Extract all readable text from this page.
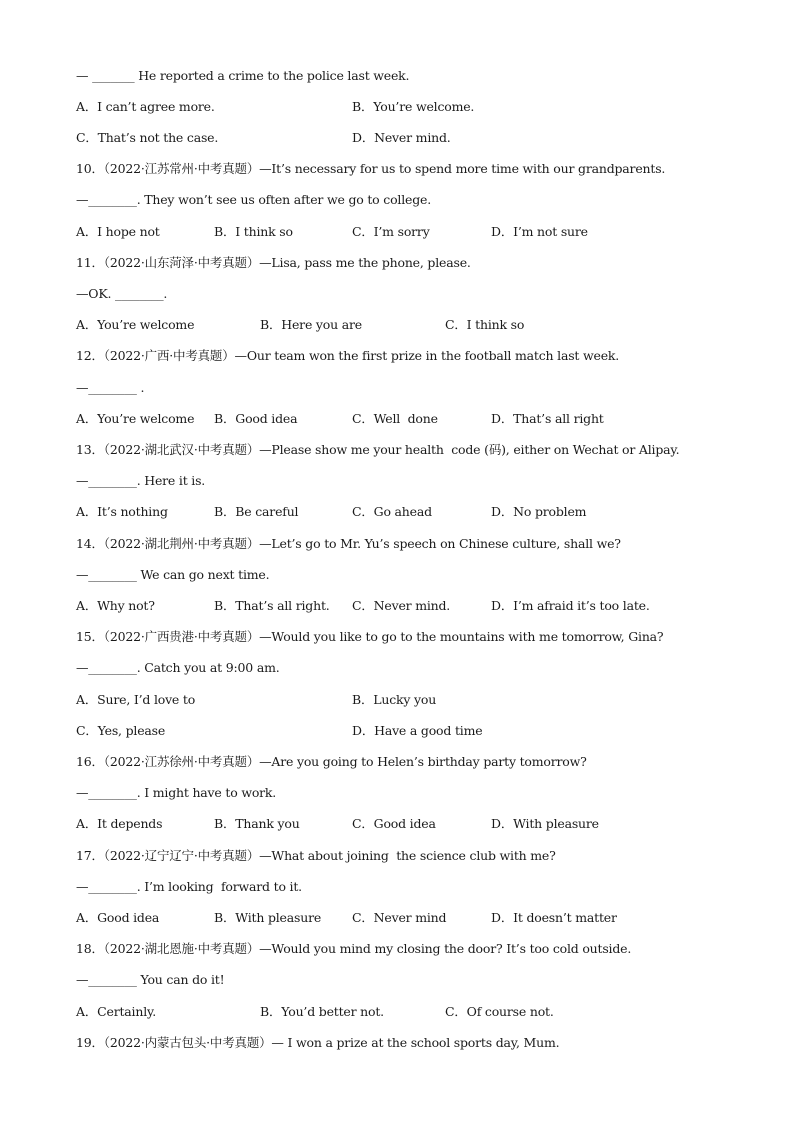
— _______ He reported a crime to the police last week.
A．I can’t agree more.	B．You’re welcome.
C．That’s not the case.	D．Never mind.
10．（2022·江苏常州·中考真题）—It’s necessary for us to spend more time with our grandparents.
—________. They won’t see us often after we go to college.
A．I hope not	B．I think so	C．I’m sorry	D．I’m not sure
11．（2022·山东菏泽·中考真题）—Lisa, pass me the phone, please.
—OK. ________.
A．You’re welcome	B．Here you are	C．I think so
12．（2022·广西·中考真题）—Our team won the first prize in the football match last week.
—________ .
A．You’re welcome B．Good idea	C．Well  done	D．That’s all right
13．（2022·湖北武汉·中考真题）—Please show me your health  code (码), either on Wechat or Alipay.
—________. Here it is.
A．It’s nothing	B．Be careful	C．Go ahead	D．No problem
14．（2022·湖北荆州·中考真题）—Let’s go to Mr. Yu’s speech on Chinese culture, shall we?
—________ We can go next time.
A．Why not?	B．That’s all right. C．Never mind.	D．I’m afraid it’s too late.
15．（2022·广西贵港·中考真题）—Would you like to go to the mountains with me tomorrow, Gina?
—________. Catch you at 9:00 am.
A．Sure, I’d love to	B．Lucky you
C．Yes, please	D．Have a good time
16．（2022·江苏徐州·中考真题）—Are you going to Helen’s birthday party tomorrow?
—________. I might have to work.
A．It depends	B．Thank you	C．Good idea	D．With pleasure
17．（2022·辽宁辽宁·中考真题）—What about joining  the science club with me?
—________. I’m looking  forward to it.
A．Good idea	B．With pleasure C．Never mind	D．It doesn’t matter
18．（2022·湖北恩施·中考真题）—Would you mind my closing the door? It’s too cold outside.
—________ You can do it!
A．Certainly.	B．You’d better not.	C．Of course not.
19．（2022·内蒙古包头·中考真题）— I won a prize at the school sports day, Mum.
